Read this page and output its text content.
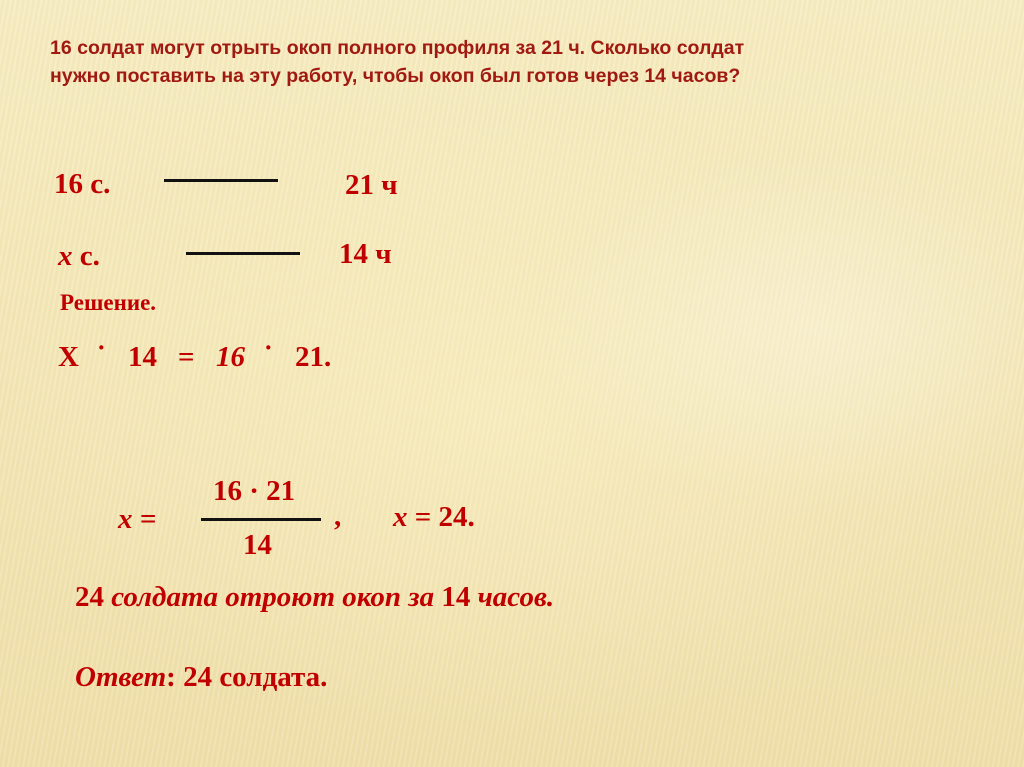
16 солдат могут отрыть окоп полного профиля за 21 ч. Сколько солдат
нужно поставить на эту работу, чтобы окоп был готов через 14 часов?
16 с.	21 ч
x с.	14 ч
Решение.
Х · 14 = 16 · 21.
x =
16 · 21
14
, x = 24.
24 солдата отроют окоп за 14 часов.
Ответ: 24 солдата.
